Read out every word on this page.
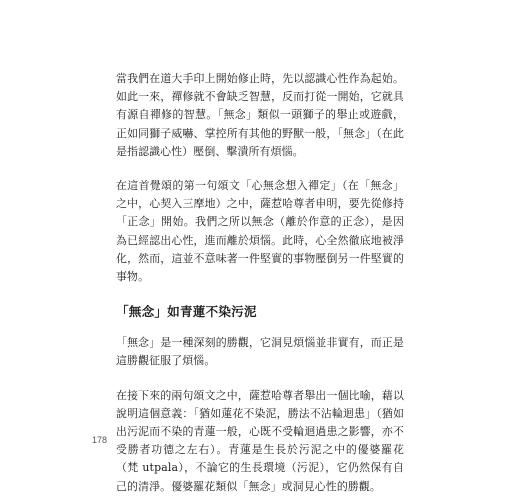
當我們在道大手印上開始修止時，先以認識心性作為起始。如此一來，禪修就不會缺乏智慧，反而打從一開始，它就具有源自禪修的智慧。「無念」類似一頭獅子的舉止或遊戲，正如同獅子威嚇、掌控所有其他的野獸一般，「無念」（在此是指認識心性）壓倒、擊潰所有煩惱。

在這首覺頌的第一句頌文「心無念想入禪定」（在「無念」之中，心契入三摩地）之中，薩惹哈尊者申明，要先從修持「正念」開始。我們之所以無念（離於作意的正念），是因為已經認出心性，進而離於煩惱。此時，心全然徹底地被淨化，然而，這並不意味著一件堅實的事物壓倒另一件堅實的事物。

「無念」如青蓮不染污泥

「無念」是一種深刻的勝觀，它洞見煩惱並非實有，而正是這勝觀征服了煩惱。

在接下來的兩句頌文之中，薩惹哈尊者舉出一個比喻，藉以說明這個意義：「猶如蓮花不染泥，勝法不沾輪迴患」（猶如出污泥而不染的青蓮一般，心既不受輪迴過患之影響，亦不受勝者功德之左右）。青蓮是生長於污泥之中的優婆羅花（梵 utpala），不論它的生長環境（污泥），它仍然保有自己的清淨。優婆羅花類似「無念」或洞見心性的勝觀。

178
